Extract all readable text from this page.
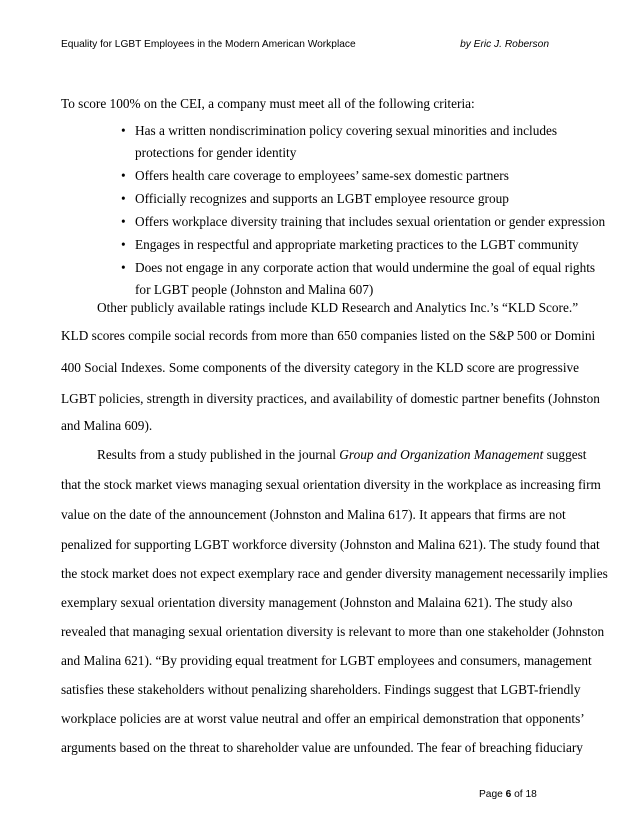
Equality for LGBT Employees in the Modern American Workplace	by Eric J. Roberson
To score 100% on the CEI, a company must meet all of the following criteria:
• Has a written nondiscrimination policy covering sexual minorities and includes
protections for gender identity
• Offers health care coverage to employees’ same-sex domestic partners
• Officially recognizes and supports an LGBT employee resource group
• Offers workplace diversity training that includes sexual orientation or gender expression
• Engages in respectful and appropriate marketing practices to the LGBT community
• Does not engage in any corporate action that would undermine the goal of equal rights
for LGBT people (Johnston and Malina 607)
Other publicly available ratings include KLD Research and Analytics Inc.’s “KLD Score.”
KLD scores compile social records from more than 650 companies listed on the S&P 500 or Domini
400 Social Indexes. Some components of the diversity category in the KLD score are progressive
LGBT policies, strength in diversity practices, and availability of domestic partner benefits (Johnston
and Malina 609).
Results from a study published in the journal Group and Organization Management suggest
that the stock market views managing sexual orientation diversity in the workplace as increasing firm
value on the date of the announcement (Johnston and Malina 617). It appears that firms are not
penalized for supporting LGBT workforce diversity (Johnston and Malina 621). The study found that
the stock market does not expect exemplary race and gender diversity management necessarily implies
exemplary sexual orientation diversity management (Johnston and Malaina 621). The study also
revealed that managing sexual orientation diversity is relevant to more than one stakeholder (Johnston
and Malina 621). “By providing equal treatment for LGBT employees and consumers, management
satisfies these stakeholders without penalizing shareholders. Findings suggest that LGBT-friendly
workplace policies are at worst value neutral and offer an empirical demonstration that opponents’
arguments based on the threat to shareholder value are unfounded. The fear of breaching fiduciary
Page 6 of 18
